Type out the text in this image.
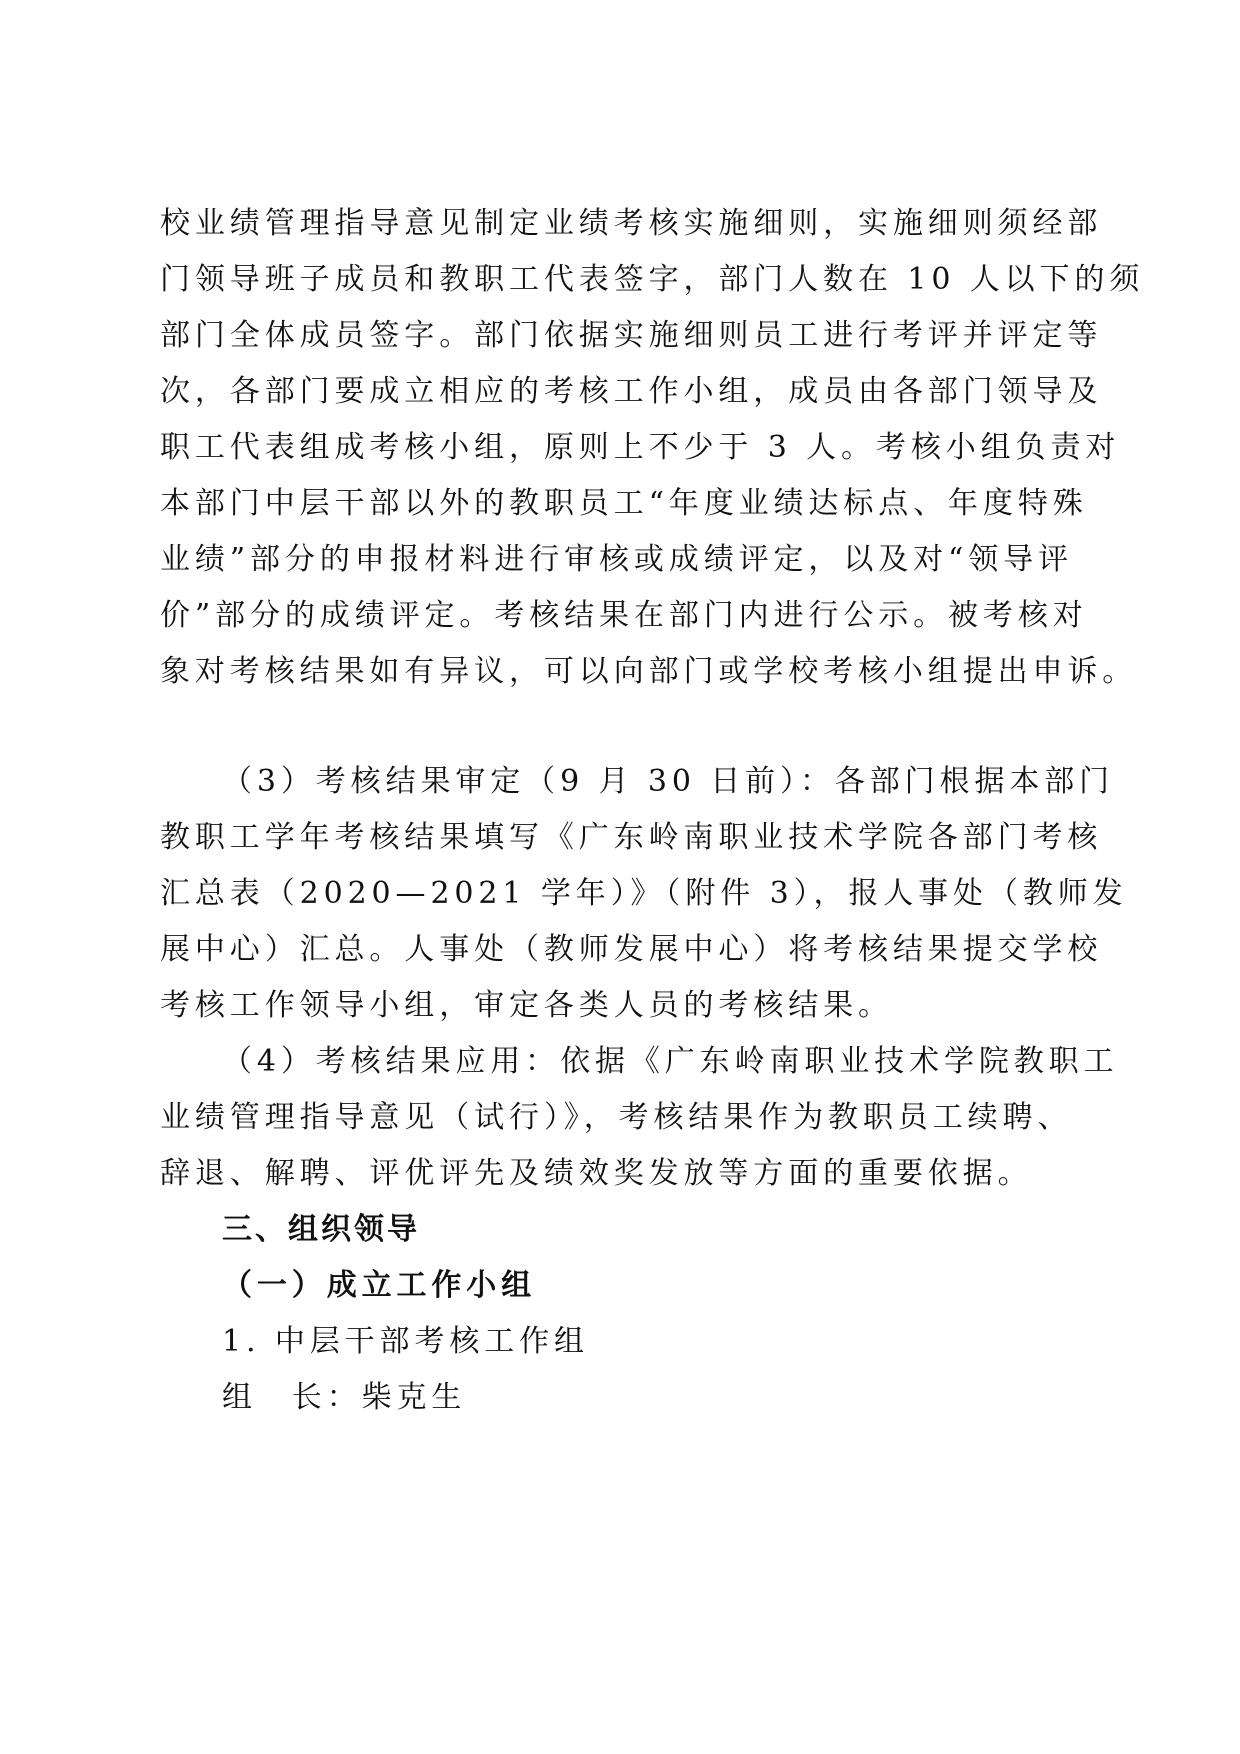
校业绩管理指导意见制定业绩考核实施细则，实施细则须经部

门领导班子成员和教职工代表签字，部门人数在 10 人以下的须

部门全体成员签字。部门依据实施细则员工进行考评并评定等

次，各部门要成立相应的考核工作小组，成员由各部门领导及

职工代表组成考核小组，原则上不少于 3 人。考核小组负责对

本部门中层干部以外的教职员工“年度业绩达标点、年度特殊

业绩”部分的申报材料进行审核或成绩评定，以及对“领导评

价”部分的成绩评定。考核结果在部门内进行公示。被考核对

象对考核结果如有异议，可以向部门或学校考核小组提出申诉。

（3）考核结果审定（9 月 30 日前）：各部门根据本部门

教职工学年考核结果填写《广东岭南职业技术学院各部门考核

汇总表（2020—2021 学年）》（附件 3），报人事处（教师发

展中心）汇总。人事处（教师发展中心）将考核结果提交学校

考核工作领导小组，审定各类人员的考核结果。

（4）考核结果应用：依据《广东岭南职业技术学院教职工

业绩管理指导意见（试行）》，考核结果作为教职员工续聘、

辞退、解聘、评优评先及绩效奖发放等方面的重要依据。

三、组织领导

（一）成立工作小组

1. 中层干部考核工作组

组　长：柴克生
